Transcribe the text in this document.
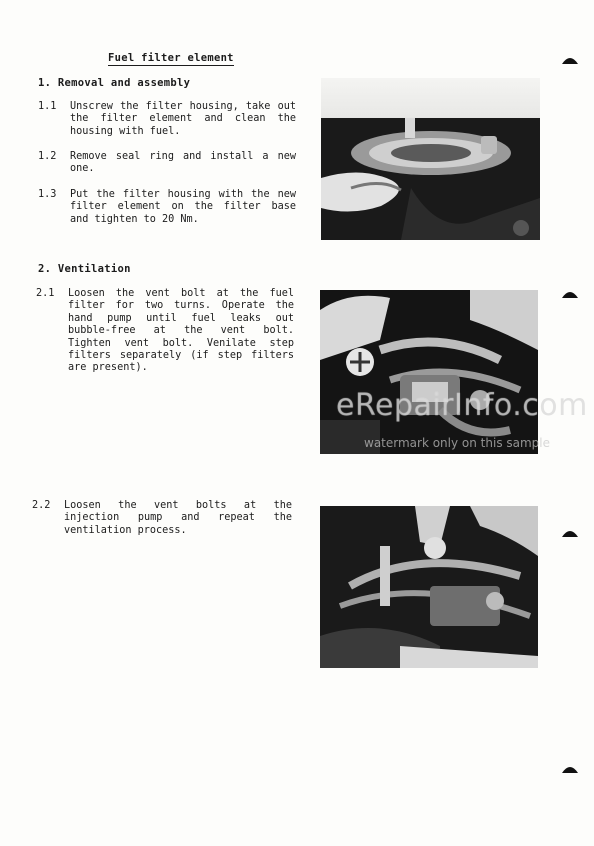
Fuel filter element
1. Removal and assembly
1.1 Unscrew the filter housing, take out the filter element and clean the housing with fuel.
1.2 Remove seal ring and install a new one.
1.3 Put the filter housing with the new filter element on the filter base and tighten to 20 Nm.
2. Ventilation
2.1 Loosen the vent bolt at the fuel filter for two turns. Operate the hand pump until fuel leaks out bubble-free at the vent bolt. Tighten vent bolt. Venilate step filters separately (if step filters are present).
2.2 Loosen the vent bolts at the injection pump and repeat the ventilation process.
eRepairInfo.com
watermark only on this sample
